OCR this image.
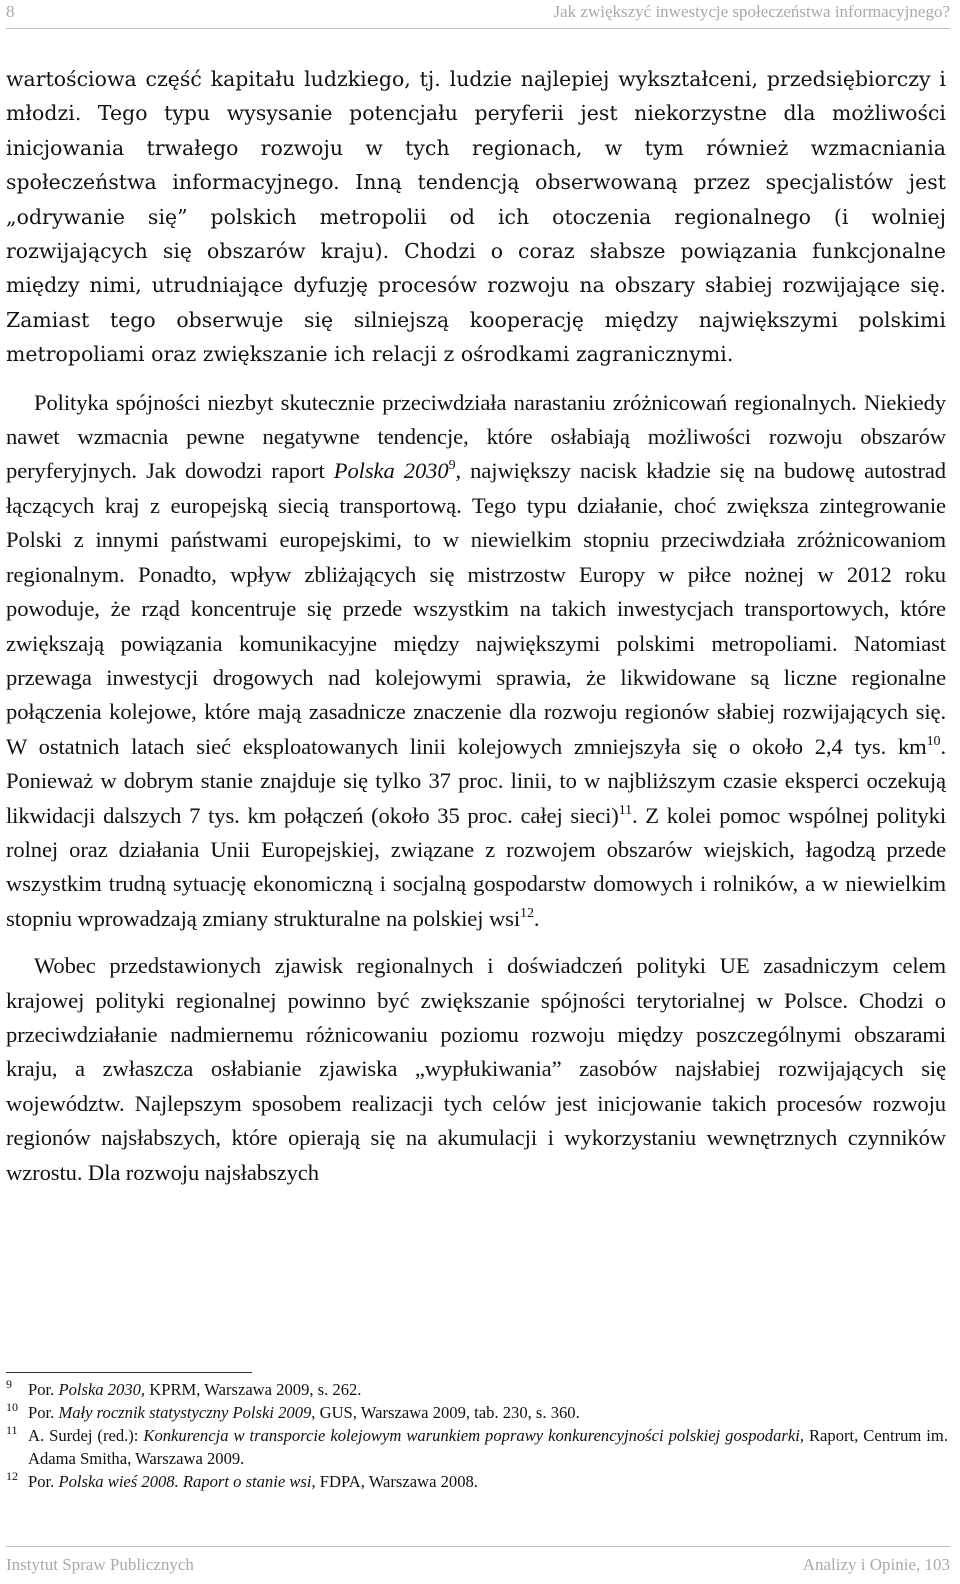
8	Jak zwiększyć inwestycje społeczeństwa informacyjnego?

wartościowa część kapitału ludzkiego, tj. ludzie najlepiej wykształceni, przedsiębiorczy i młodzi. Tego typu wysysanie potencjału peryferii jest niekorzystne dla możliwości inicjowania trwałego rozwoju w tych regionach, w tym również wzmacniania społeczeństwa informacyjnego. Inną tendencją obserwowaną przez specjalistów jest „odrywanie się” polskich metropolii od ich otoczenia regionalnego (i wolniej rozwijających się obszarów kraju). Chodzi o coraz słabsze powiązania funkcjonalne między nimi, utrudniające dyfuzję procesów rozwoju na obszary słabiej rozwijające się. Zamiast tego obserwuje się silniejszą kooperację między największymi polskimi metropoliami oraz zwiększanie ich relacji z ośrodkami zagranicznymi.

Polityka spójności niezbyt skutecznie przeciwdziała narastaniu zróżnicowań regionalnych. Niekiedy nawet wzmacnia pewne negatywne tendencje, które osłabiają możliwości rozwoju obszarów peryferyjnych. Jak dowodzi raport Polska 2030$^9$, największy nacisk kładzie się na budowę autostrad łączących kraj z europejską siecią transportową. Tego typu działanie, choć zwiększa zintegrowanie Polski z innymi państwami europejskimi, to w niewielkim stopniu przeciwdziała zróżnicowaniom regionalnym. Ponadto, wpływ zbliżających się mistrzostw Europy w piłce nożnej w 2012 roku powoduje, że rząd koncentruje się przede wszystkim na takich inwestycjach transportowych, które zwiększają powiązania komunikacyjne między największymi polskimi metropoliami. Natomiast przewaga inwestycji drogowych nad kolejowymi sprawia, że likwidowane są liczne regionalne połączenia kolejowe, które mają zasadnicze znaczenie dla rozwoju regionów słabiej rozwijających się. W ostatnich latach sieć eksploatowanych linii kolejowych zmniejszyła się o około 2,4 tys. $km^{10}$. Ponieważ w dobrym stanie znajduje się tylko 37 proc. linii, to w najbliższym czasie eksperci oczekują likwidacji dalszych 7 tys. km połączeń (około 35 proc. całej sieci)$^{11}$. Z kolei pomoc wspólnej polityki rolnej oraz działania Unii Europejskiej, związane z rozwojem obszarów wiejskich, łagodzą przede wszystkim trudną sytuację ekonomiczną i socjalną gospodarstw domowych i rolników, a w niewielkim stopniu wprowadzają zmiany strukturalne na polskiej wsi$^{12}$.

Wobec przedstawionych zjawisk regionalnych i doświadczeń polityki UE zasadniczym celem krajowej polityki regionalnej powinno być zwiększanie spójności terytorialnej w Polsce. Chodzi o przeciwdziałanie nadmiernemu różnicowaniu poziomu rozwoju między poszczególnymi obszarami kraju, a zwłaszcza osłabianie zjawiska „wypłukiwania” zasobów najsłabiej rozwijających się województw. Najlepszym sposobem realizacji tych celów jest inicjowanie takich procesów rozwoju regionów najsłabszych, które opierają się na akumulacji i wykorzystaniu wewnętrznych czynników wzrostu. Dla rozwoju najsłabszych

9 Por. Polska 2030, KPRM, Warszawa 2009, s. 262.
10 Por. Mały rocznik statystyczny Polski 2009, GUS, Warszawa 2009, tab. 230, s. 360.
11 A. Surdej (red.): Konkurencja w transporcie kolejowym warunkiem poprawy konkurencyjności polskiej gospodarki, Raport, Centrum im. Adama Smitha, Warszawa 2009.
12 Por. Polska wieś 2008. Raport o stanie wsi, FDPA, Warszawa 2008.
Instytut Spraw Publicznych	Analizy i Opinie, 103
